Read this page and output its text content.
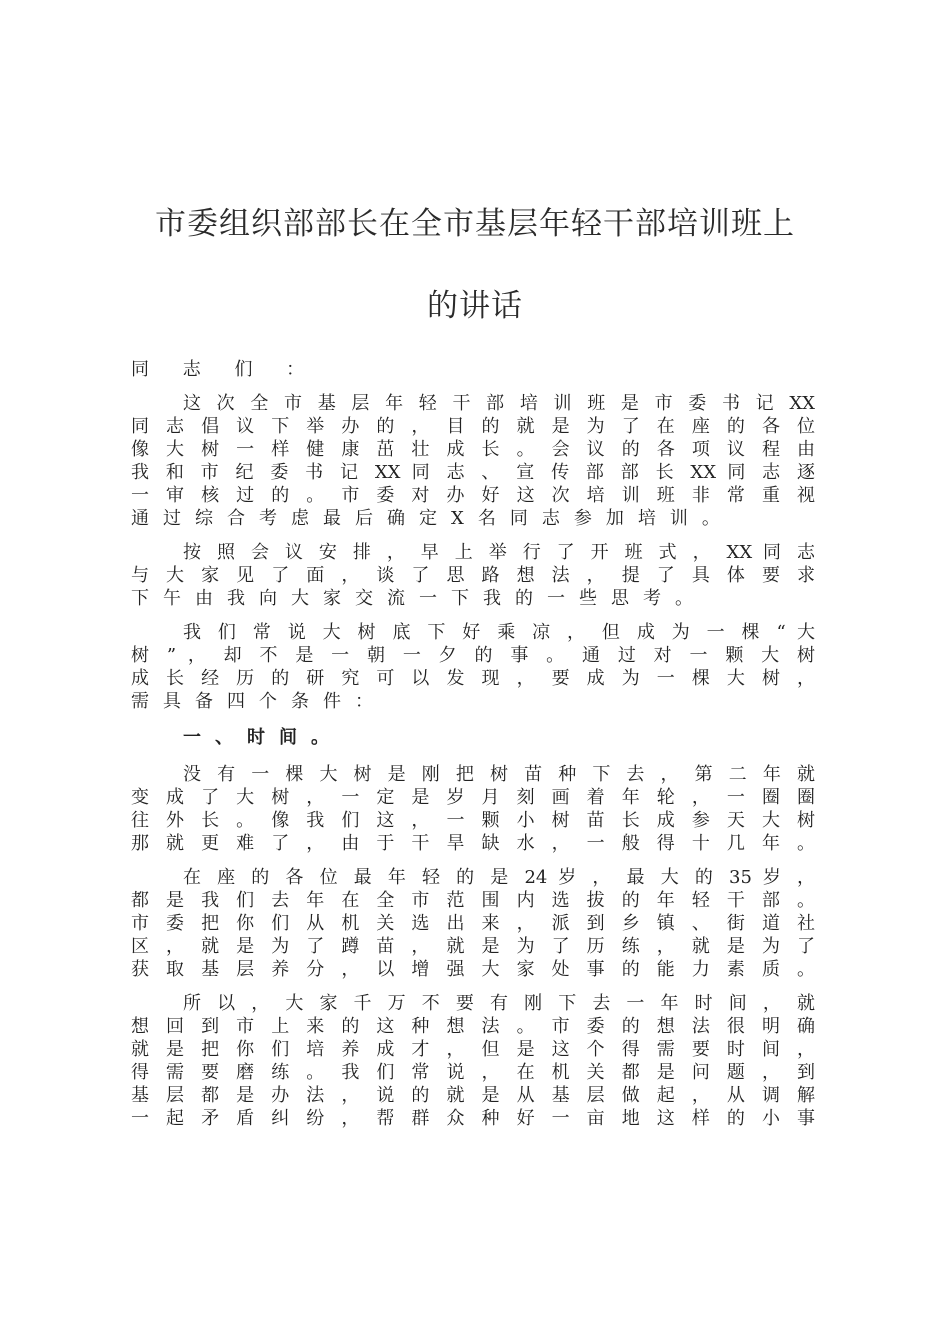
市委组织部部长在全市基层年轻干部培训班上
的讲话
同 志 们 ：
这 次 全 市 基 层 年 轻 干 部 培 训 班 是 市 委 书 记 XX
同 志 倡 议 下 举 办 的 ， 目 的 就 是 为 了 在 座 的 各 位
像 大 树 一 样 健 康 茁 壮 成 长 。 会 议 的 各 项 议 程 由
我 和 市 纪 委 书 记 XX 同 志 、 宣 传 部 部 长 XX 同 志 逐
一 审 核 过 的 。 市 委 对 办 好 这 次 培 训 班 非 常 重 视
通过综合考虑最后确定X名同志参加培训。
按 照 会 议 安 排 ， 早 上 举 行 了 开 班 式 ， XX 同 志
与 大 家 见 了 面 ， 谈 了 思 路 想 法 ， 提 了 具 体 要 求
下午由我向大家交流一下我的一些思考。
我 们 常 说 大 树 底 下 好 乘 凉 ， 但 成 为 一 棵 “ 大
树 ” ， 却 不 是 一 朝 一 夕 的 事 。 通 过 对 一 颗 大 树
成 长 经 历 的 研 究 可 以 发 现 ， 要 成 为 一 棵 大 树 ，
需具备四个条件：
一、时间。
没 有 一 棵 大 树 是 刚 把 树 苗 种 下 去 ， 第 二 年 就
变 成 了 大 树 ， 一 定 是 岁 月 刻 画 着 年 轮 ， 一 圈 圈
往 外 长 。 像 我 们 这 ， 一 颗 小 树 苗 长 成 参 天 大 树
那 就 更 难 了 ， 由 于 干 旱 缺 水 ， 一 般 得 十 几 年 。
在 座 的 各 位 最 年 轻 的 是 24 岁 ， 最 大 的 35 岁 ，
都 是 我 们 去 年 在 全 市 范 围 内 选 拔 的 年 轻 干 部 。
市 委 把 你 们 从 机 关 选 出 来 ， 派 到 乡 镇 、 街 道 社
区 ， 就 是 为 了 蹲 苗 ， 就 是 为 了 历 练 ， 就 是 为 了
获 取 基 层 养 分 ， 以 增 强 大 家 处 事 的 能 力 素 质 。
所 以 ， 大 家 千 万 不 要 有 刚 下 去 一 年 时 间 ， 就
想 回 到 市 上 来 的 这 种 想 法 。 市 委 的 想 法 很 明 确
就 是 把 你 们 培 养 成 才 ， 但 是 这 个 得 需 要 时 间 ，
得 需 要 磨 练 。 我 们 常 说 ， 在 机 关 都 是 问 题 ， 到
基 层 都 是 办 法 ， 说 的 就 是 从 基 层 做 起 ， 从 调 解
一 起 矛 盾 纠 纷 ， 帮 群 众 种 好 一 亩 地 这 样 的 小 事
